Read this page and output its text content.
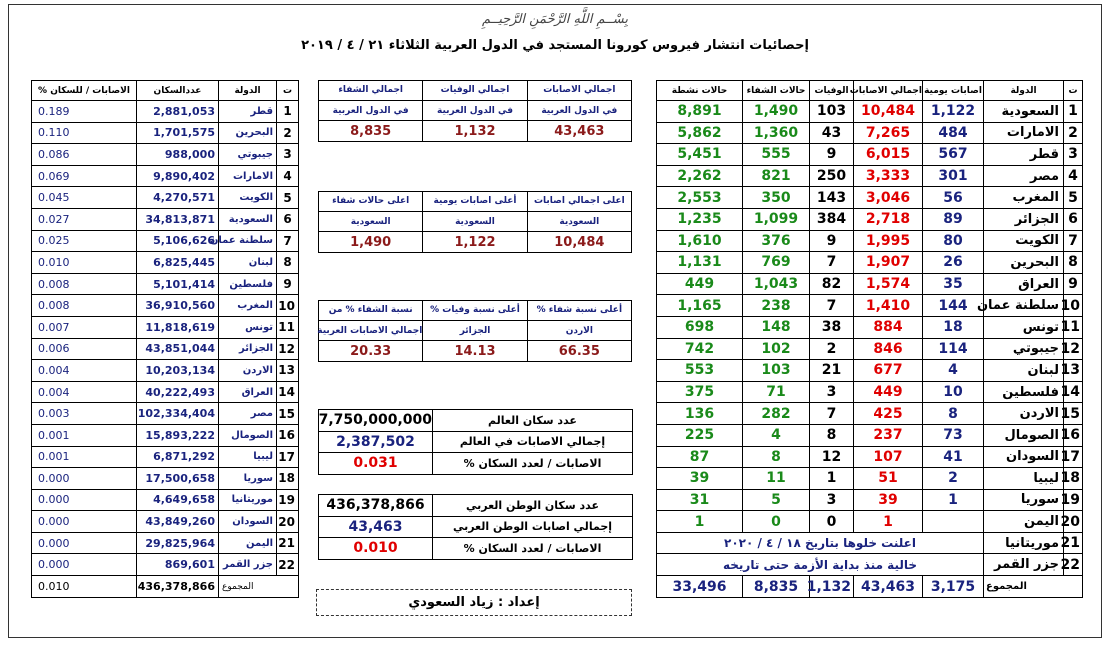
بِسْــمِ اللَّهِ الرَّحْمَنِ الرَّحِيــمِ
إحصائيات انتشار فيروس كورونا المستجد في الدول العربية الثلاثاء ٢١ / ٤ / ٢٠١٩
ت	الدولة	اصابات يومية	اجمالي الاصابات	الوفيات	حالات الشفاء	حالات نشطة
1	السعودية	1,122	10,484	103	1,490	8,891
2	الامارات	484	7,265	43	1,360	5,862
3	قطر	567	6,015	9	555	5,451
4	مصر	301	3,333	250	821	2,262
5	المغرب	56	3,046	143	350	2,553
6	الجزائر	89	2,718	384	1,099	1,235
7	الكويت	80	1,995	9	376	1,610
8	البحرين	26	1,907	7	769	1,131
9	العراق	35	1,574	82	1,043	449
10	سلطنة عمان	144	1,410	7	238	1,165
11	تونس	18	884	38	148	698
12	جيبوتي	114	846	2	102	742
13	لبنان	4	677	21	103	553
14	فلسطين	10	449	3	71	375
15	الاردن	8	425	7	282	136
16	الصومال	73	237	8	4	225
17	السودان	41	107	12	8	87
18	ليبيا	2	51	1	11	39
19	سوريا	1	39	3	5	31
20	اليمن		1	0	0	1
21	موريتانيا	اعلنت خلوها بتاريخ ١٨ / ٤ / ٢٠٢٠				
22	جزر القمر	خالية منذ بداية الأزمة حتى تاريخه				
المجموع		3,175	43,463	1,132	8,835	33,496
ت	الدولة	عددالسكان	الاصابات / للسكان %
1	قطر	2,881,053	0.189
2	البحرين	1,701,575	0.110
3	جيبوتي	988,000	0.086
4	الامارات	9,890,402	0.069
5	الكويت	4,270,571	0.045
6	السعودية	34,813,871	0.027
7	سلطنة عمان	5,106,626	0.025
8	لبنان	6,825,445	0.010
9	فلسطين	5,101,414	0.008
10	المغرب	36,910,560	0.008
11	تونس	11,818,619	0.007
12	الجزائر	43,851,044	0.006
13	الاردن	10,203,134	0.004
14	العراق	40,222,493	0.004
15	مصر	102,334,404	0.003
16	الصومال	15,893,222	0.001
17	ليبيا	6,871,292	0.001
18	سوريا	17,500,658	0.000
19	موريتانيا	4,649,658	0.000
20	السودان	43,849,260	0.000
21	اليمن	29,825,964	0.000
22	جزر القمر	869,601	0.000
المجموع		436,378,866	0.010
اجمالي الاصابات	اجمالي الوفيات	اجمالي الشفاء
في الدول العربية	في الدول العربية	في الدول العربية
43,463	1,132	8,835
اعلى اجمالي اصابات	أعلى اصابات يومية	اعلى حالات شفاء
السعودية	السعودية	السعودية
10,484	1,122	1,490
أعلى نسبة شفاء %	أعلى نسبة وفيات %	نسبة الشفاء % من
الاردن	الجزائر	اجمالي الاصابات العربية
66.35	14.13	20.33
عدد سكان العالم	7,750,000,000
إجمالي الاصابات في العالم	2,387,502
الاصابات / لعدد السكان %	0.031
عدد سكان الوطن العربي	436,378,866
إجمالي اصابات الوطن العربي	43,463
الاصابات / لعدد السكان %	0.010
إعداد : زياد السعودي
